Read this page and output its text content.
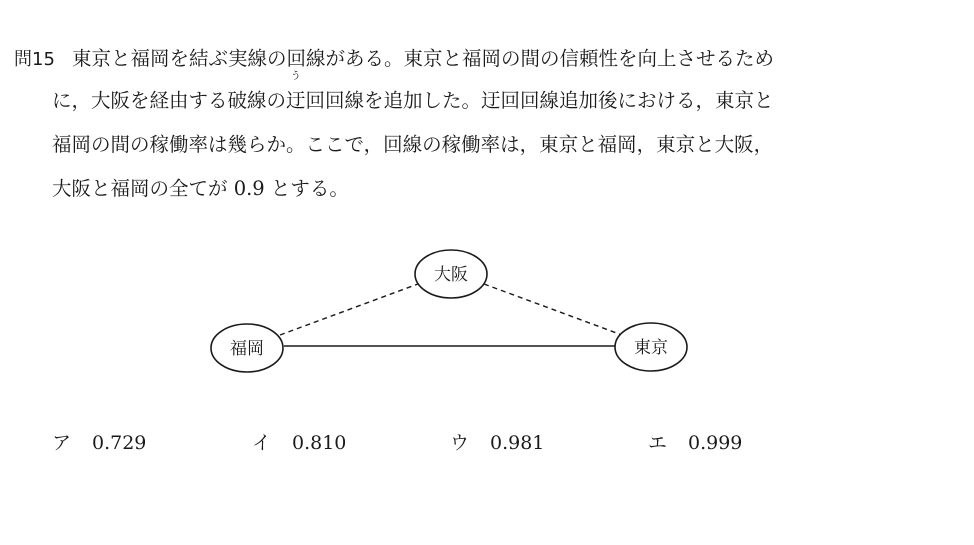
問15 東京と福岡を結ぶ実線の回線がある。東京と福岡の間の信頼性を向上させるため
に，大阪を経由する破線の
う
迂回回線を追加した。迂回回線追加後における，東京と
福岡の間の稼働率は幾らか。ここで，回線の稼働率は，東京と福岡，東京と大阪，
大阪と福岡の全てが 0.9 とする。
大阪
福岡	東京
ア 0.729	イ 0.810	ウ 0.981	エ 0.999
